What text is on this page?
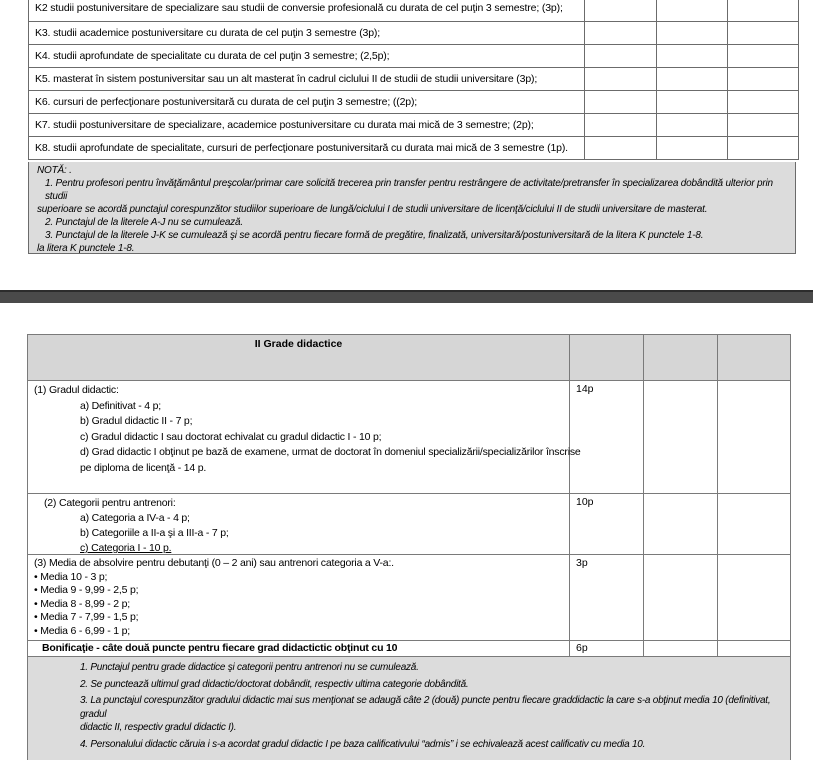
K2 studii postuniversitare de specializare sau studii de conversie profesională cu durata de cel puţin 3 semestre; (3p);			
K3. studii academice postuniversitare cu durata de cel puţin 3 semestre (3p);			
K4. studii aprofundate de specialitate cu durata de cel puţin 3 semestre; (2,5p);			
K5. masterat în sistem postuniversitar sau un alt masterat în cadrul ciclului II de studii de studii universitare (3p);			
K6. cursuri de perfecţionare postuniversitară cu durata de cel puţin 3 semestre; ((2p);			
K7. studii postuniversitare de specializare, academice postuniversitare cu durata mai mică de 3 semestre; (2p);			
K8. studii aprofundate de specialitate, cursuri de perfecţionare postuniversitară cu durata mai mică de 3 semestre (1p).			
NOTĂ: .
1. Pentru profesori pentru învăţământul preşcolar/primar care solicită trecerea prin transfer pentru restrângere de activitate/pretransfer în specializarea dobândită ulterior prin studii
superioare se acordă punctajul corespunzător studiilor superioare de lungă/ciclului I de studii universitare de licenţă/ciclului II de studii universitare de masterat.
2. Punctajul de la literele A-J nu se cumulează.
3. Punctajul de la literele J-K se cumulează şi se acordă pentru fiecare formă de pregătire, finalizată, universitară/postuniversitară de la litera K punctele 1-8.
la litera K punctele 1-8.
II Grade didactice
(1) Gradul didactic:
a) Definitivat - 4 p;
b) Gradul didactic II - 7 p;
c) Gradul didactic I sau doctorat echivalat cu gradul didactic I - 10 p;
d) Grad didactic I obţinut pe bază de examene, urmat de doctorat în domeniul specializării/specializărilor înscrise
pe diploma de licenţă - 14 p.
14p
(2) Categorii pentru antrenori:
a) Categoria a IV-a - 4 p;
b) Categoriile a II-a şi a III-a - 7 p;
c) Categoria I - 10 p.
10p
(3) Media de absolvire pentru debutanţi (0 – 2 ani) sau antrenori categoria a V-a:.
• Media 10 - 3 p;
• Media 9 - 9,99 - 2,5 p;
• Media 8 - 8,99 - 2 p;
• Media 7 - 7,99 - 1,5 p;
• Media 6 - 6,99 - 1 p;
3p
Bonificaţie - câte două puncte pentru fiecare grad didactictic obţinut cu 10	6p
1. Punctajul pentru grade didactice şi categorii pentru antrenori nu se cumulează.
2. Se punctează ultimul grad didactic/doctorat dobândit, respectiv ultima categorie dobândită.
3. La punctajul corespunzător gradului didactic mai sus menţionat se adaugă câte 2 (două) puncte pentru fiecare graddidactic la care s-a obţinut media 10 (definitivat, gradul
didactic II, respectiv gradul didactic I).
4. Personalului didactic căruia i s-a acordat gradul didactic I pe baza calificativului “admis” i se echivalează acest calificativ cu media 10.
